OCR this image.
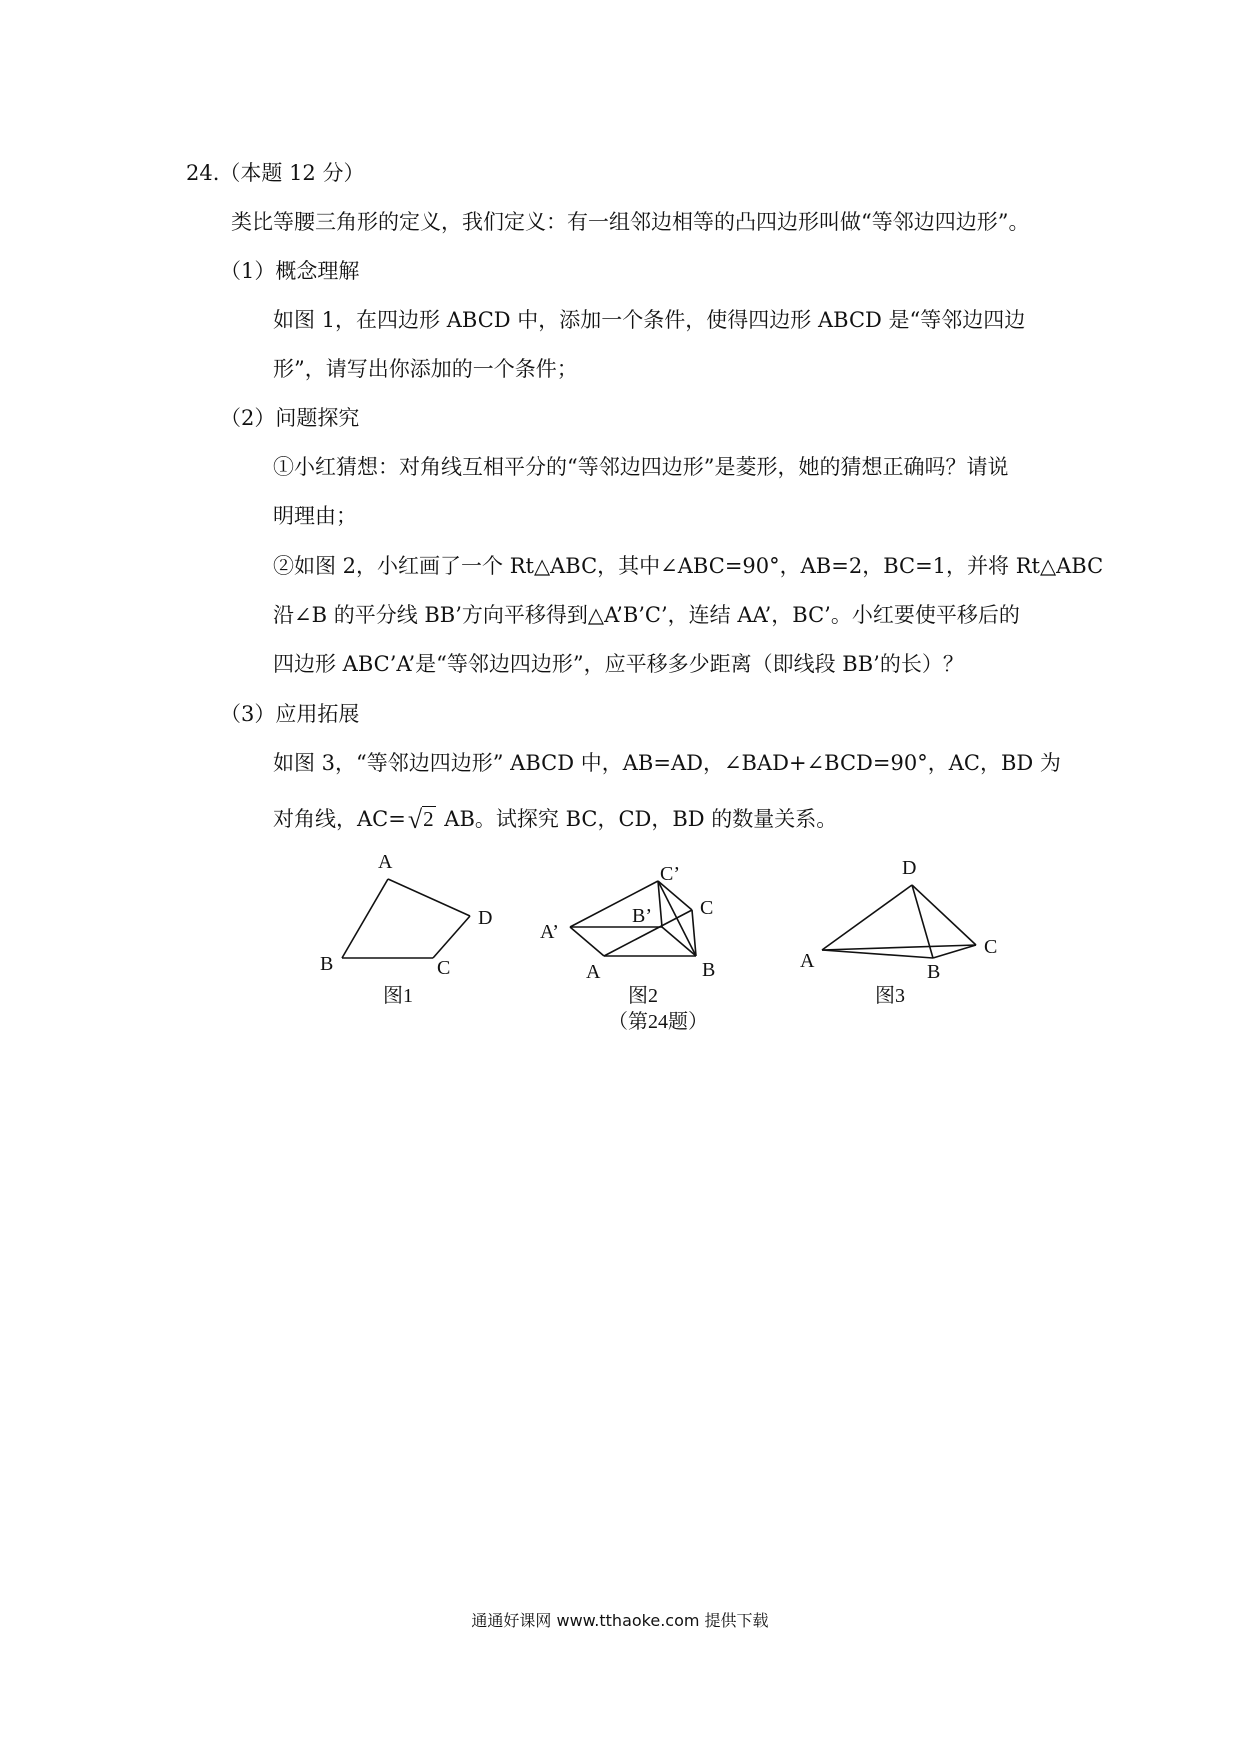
24.（本题 12 分）
类比等腰三角形的定义，我们定义：有一组邻边相等的凸四边形叫做“等邻边四边形”。
（1）概念理解
如图 1，在四边形 ABCD 中，添加一个条件，使得四边形 ABCD 是“等邻边四边
形”，请写出你添加的一个条件；
（2）问题探究
①小红猜想：对角线互相平分的“等邻边四边形”是菱形，她的猜想正确吗？请说
明理由；
②如图 2，小红画了一个 Rt△ABC，其中∠ABC=90°，AB=2，BC=1，并将 Rt△ABC
沿∠B 的平分线 BB’方向平移得到△A’B’C’，连结 AA’，BC’。小红要使平移后的
四边形 ABC’A’是“等邻边四边形”，应平移多少距离（即线段 BB’的长）？
（3）应用拓展
如图 3，“等邻边四边形” ABCD 中，AB=AD，∠BAD+∠BCD=90°，AC，BD 为
对角线，AC=√2 AB。试探究 BC，CD，BD 的数量关系。
A
B	C
D
图1
A	B
C
A’
B’
C’
图2
A	B
C
D
图3
（第24题）
通通好课网 www.tthaoke.com 提供下载
